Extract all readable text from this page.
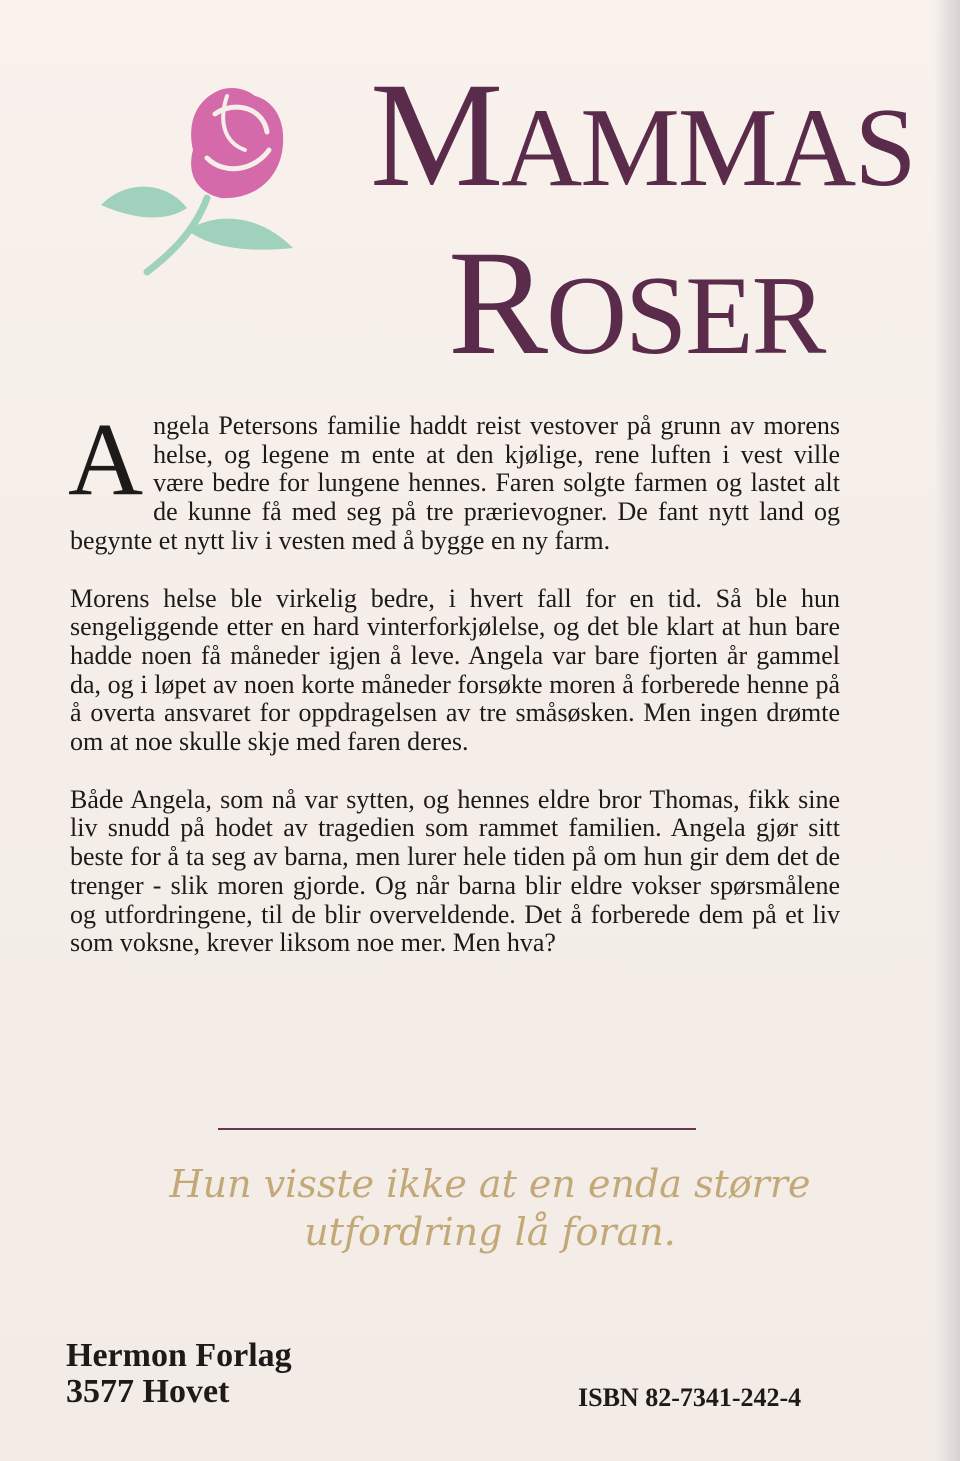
MAMMAS
ROSER

Angela Petersons familie haddt reist vestover på grunn av morens helse, og legene m ente at den kjølige, rene luften i vest ville være bedre for lungene hennes. Faren solgte farmen og lastet alt de kunne få med seg på tre prærievogner. De fant nytt land og begynte et nytt liv i vesten med å bygge en ny farm.

Morens helse ble virkelig bedre, i hvert fall for en tid. Så ble hun sengeliggende etter en hard vinterforkjølelse, og det ble klart at hun bare hadde noen få måneder igjen å leve. Angela var bare fjorten år gammel da, og i løpet av noen korte måneder forsøkte moren å forberede henne på å overta ansvaret for oppdragelsen av tre småsøsken. Men ingen drømte om at noe skulle skje med faren deres.

Både Angela, som nå var sytten, og hennes eldre bror Thomas, fikk sine liv snudd på hodet av tragedien som rammet familien. Angela gjør sitt beste for å ta seg av barna, men lurer hele tiden på om hun gir dem det de trenger - slik moren gjorde. Og når barna blir eldre vokser spørsmålene og utfordringene, til de blir overveldende. Det å forberede dem på et liv som voksne, krever liksom noe mer. Men hva?

Hun visste ikke at en enda større
utfordring lå foran.
Hermon Forlag
3577 Hovet	ISBN 82-7341-242-4
